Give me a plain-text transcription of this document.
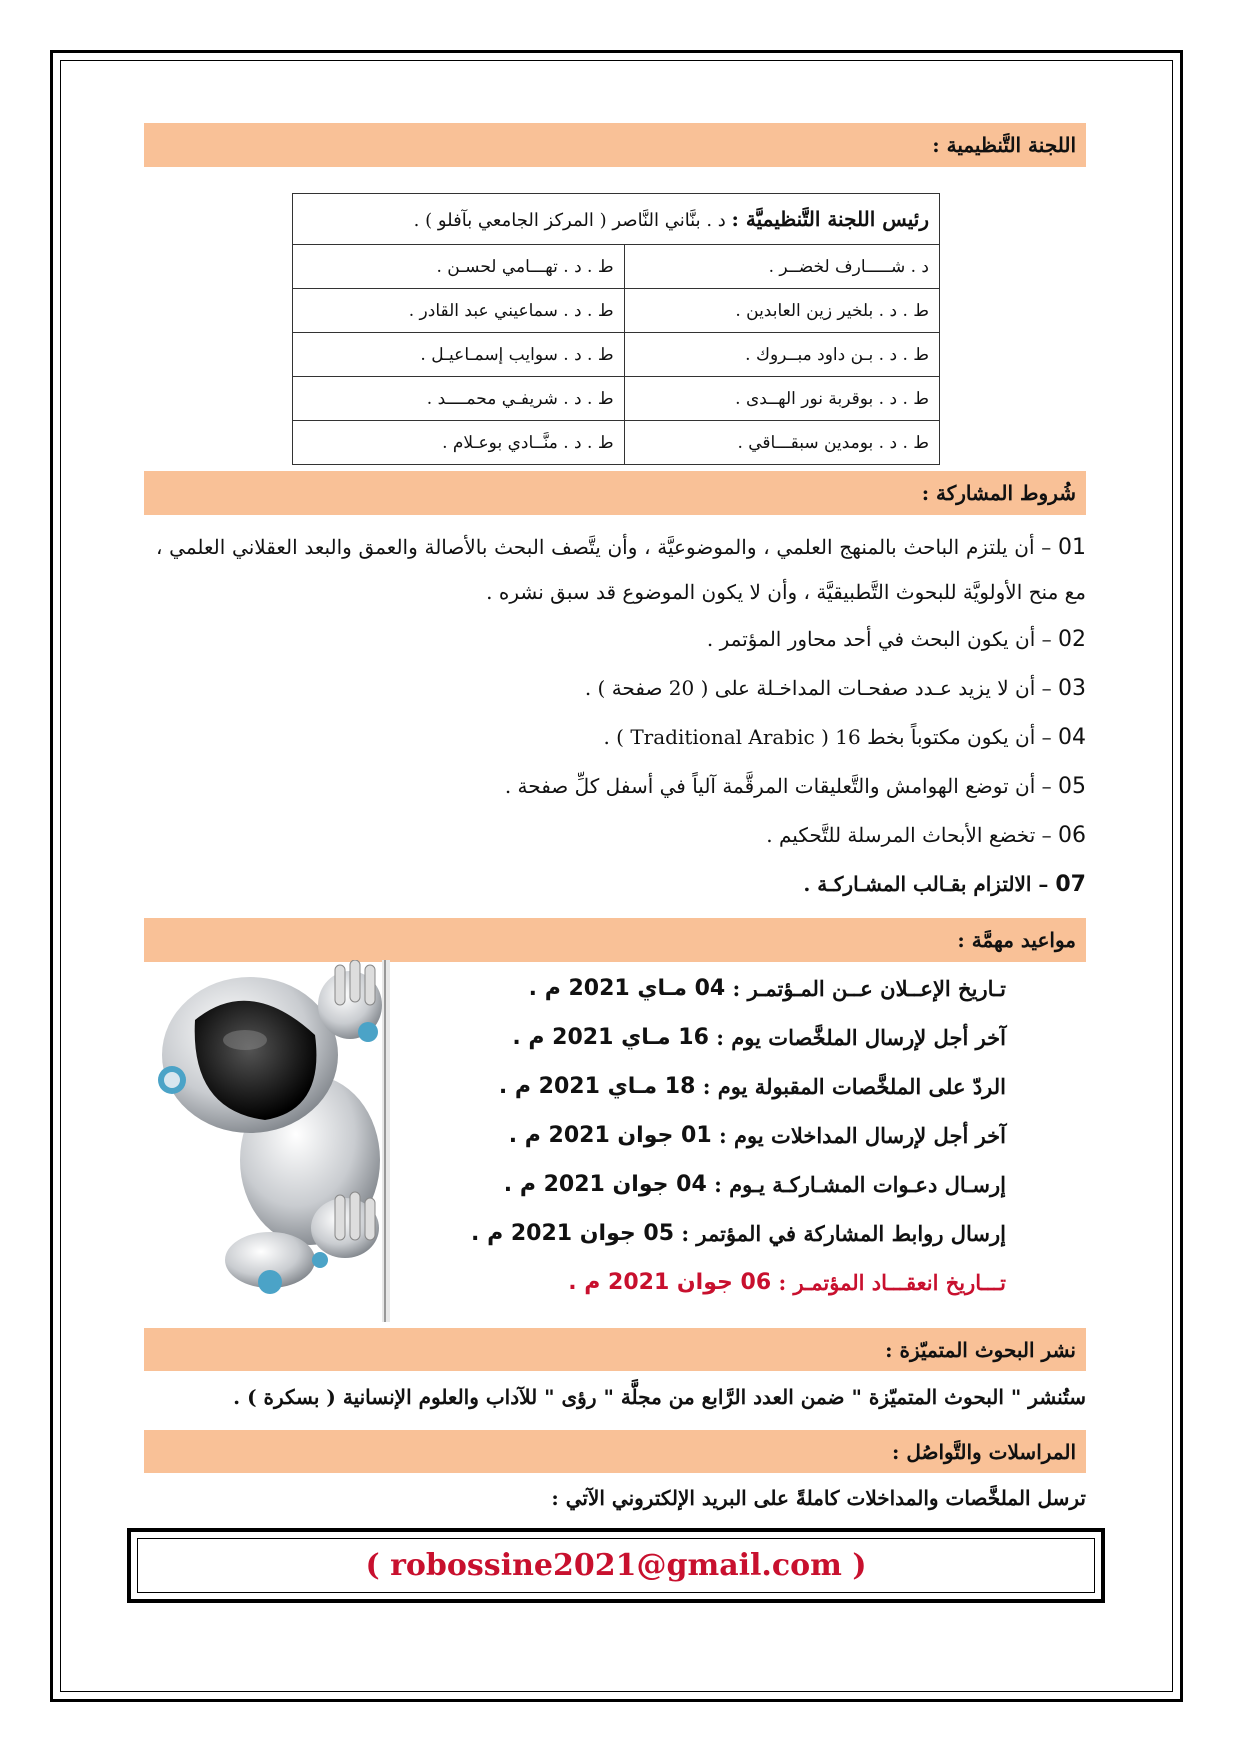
اللجنة التَّنظيمية :
رئيس اللجنة التَّنظيميَّة : د . بنَّاني النَّاصر ( المركز الجامعي بآفلو ) .	
د . شـــــارف لخضــر .	ط . د . تهـــامي لحسـن .
ط . د . بلخير زين العابدين .	ط . د . سماعيني عبد القادر .
ط . د . بـن داود مبــروك .	ط . د . سوايب إسمـاعيـل .
ط . د . بوقربة نور الهــدى .	ط . د . شريفـي محمــــد .
ط . د . بومدين سبقـــاقي .	ط . د . منَّــادي بوعـلام .
شُروط المشاركة :
01 – أن يلتزم الباحث بالمنهج العلمي ، والموضوعيَّة ، وأن يتَّصف البحث بالأصالة والعمق والبعد العقلاني العلمي ، مع منح الأولويَّة للبحوث التَّطبيقيَّة ، وأن لا يكون الموضوع قد سبق نشره .
02 – أن يكون البحث في أحد محاور المؤتمر .
03 – أن لا يزيد عـدد صفحـات المداخـلة على ( 20 صفحة ) .
04 – أن يكون مكتوباً بخط 16 ( Traditional Arabic ) .
05 – أن توضع الهوامش والتَّعليقات المرقَّمة آلياً في أسفل كلِّ صفحة .
06 – تخضع الأبحاث المرسلة للتَّحكيم .
07 – الالتزام بقـالب المشـاركـة .
مواعيد مهمَّة :
تـاريخ الإعــلان عــن المـؤتمـر :

04 مـاي 2021 م .
آخر أجل لإرسال الملخَّصات يوم :

16 مـاي 2021 م .
الردّ على الملخَّصات المقبولة يوم :

18 مـاي 2021 م .
آخر أجل لإرسال المداخلات يوم :

01 جوان 2021 م .
إرسـال دعـوات المشـاركـة يـوم :

04 جوان 2021 م .
إرسال روابط المشاركة في المؤتمر :

05 جوان 2021 م .
تـــاريخ انعقـــاد المؤتمـر :

06 جوان 2021 م .
نشر البحوث المتميّزة :
ستُنشر " البحوث المتميّزة " ضمن العدد الرَّابع من مجلَّة " رؤى " للآداب والعلوم الإنسانية ( بسكرة ) .
المراسلات والتَّواصُل :
ترسل الملخَّصات والمداخلات كاملةً على البريد الإلكتروني الآتي :
( robossine2021@gmail.com )
